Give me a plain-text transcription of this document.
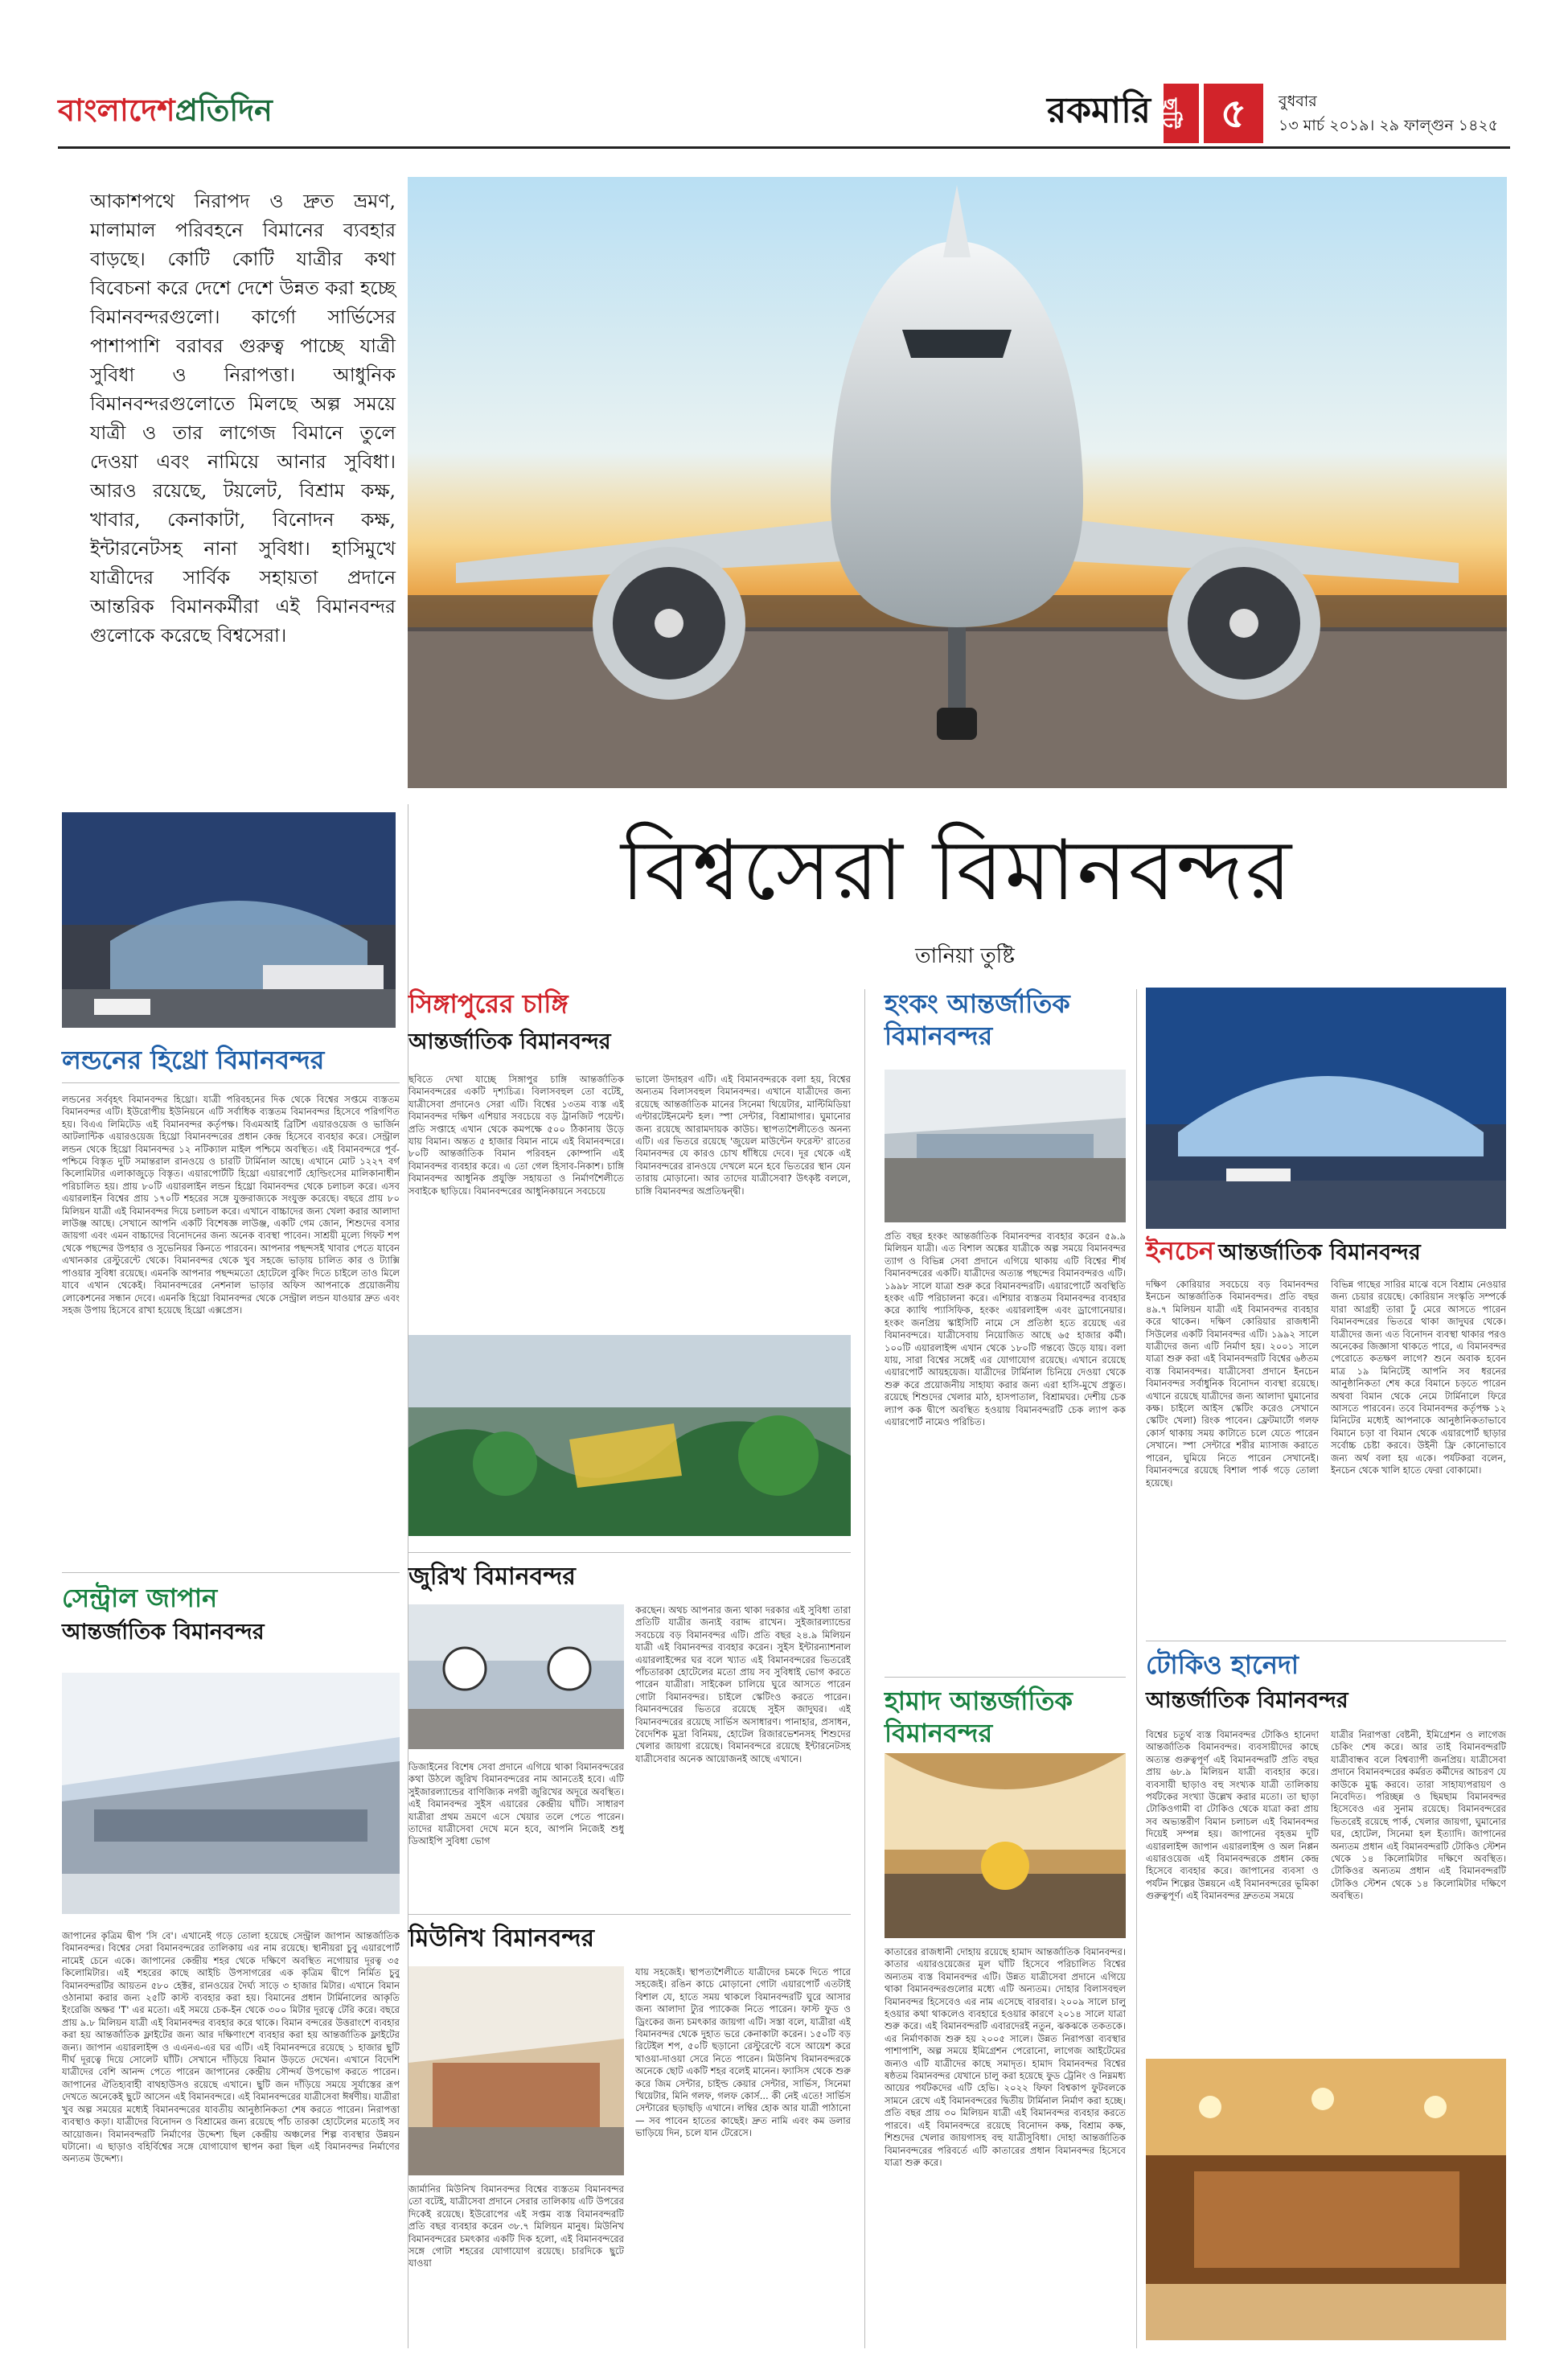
বাংলাদেশপ্রতিদিন	রকমারি ছুটি ৫	বুধবার
১৩ মার্চ ২০১৯। ২৯ ফাল্গুন ১৪২৫
আকাশপথে নিরাপদ ও দ্রুত ভ্রমণ, মালামাল পরিবহনে বিমানের ব্যবহার বাড়ছে। কোটি কোটি যাত্রীর কথা বিবেচনা করে দেশে দেশে উন্নত করা হচ্ছে বিমানবন্দরগুলো। কার্গো সার্ভিসের পাশাপাশি বরাবর গুরুত্ব পাচ্ছে যাত্রী সুবিধা ও নিরাপত্তা। আধুনিক বিমানবন্দরগুলোতে মিলছে অল্প সময়ে যাত্রী ও তার লাগেজ বিমানে তুলে দেওয়া এবং নামিয়ে আনার সুবিধা। আরও রয়েছে, টয়লেট, বিশ্রাম কক্ষ, খাবার, কেনাকাটা, বিনোদন কক্ষ, ইন্টারনেটসহ নানা সুবিধা। হাসিমুখে যাত্রীদের সার্বিক সহায়তা প্রদানে আন্তরিক বিমানকর্মীরা এই বিমানবন্দর গুলোকে করেছে বিশ্বসেরা।
বিশ্বসেরা বিমানবন্দর
তানিয়া তুষ্টি
লন্ডনের হিথ্রো বিমানবন্দর
লন্ডনের সর্ববৃহৎ বিমানবন্দর হিথ্রো। যাত্রী পরিবহনের দিক থেকে বিশ্বের সপ্তমে ব্যস্ততম বিমানবন্দর এটি। ইউরোপীয় ইউনিয়নে এটি সর্বাধিক ব্যস্ততম বিমানবন্দর হিসেবে পরিগণিত হয়। বিএএ লিমিটেড এই বিমানবন্দর কর্তৃপক্ষ। বিএমআই ব্রিটিশ এয়ারওয়েজ ও ভার্জিন আটলান্টিক এয়ারওয়েজ হিথ্রো বিমানবন্দরের প্রধান কেন্দ্র হিসেবে ব্যবহার করে। সেন্ট্রাল লন্ডন থেকে হিথ্রো বিমানবন্দর ১২ নটিক্যাল মাইল পশ্চিমে অবস্থিত। এই বিমানবন্দরে পূর্ব-পশ্চিমে বিস্তৃত দুটি সমান্তরাল রানওয়ে ও চারটি টার্মিনাল আছে। এখানে মোট ১২২৭ বর্গ কিলোমিটার এলাকাজুড়ে বিস্তৃত। এয়ারপোর্টটি হিথ্রো এয়ারপোর্ট হোল্ডিংসের মালিকানাধীন পরিচালিত হয়। প্রায় ৮০টি এয়ারলাইন লন্ডন হিথ্রো বিমানবন্দর থেকে চলাচল করে। এসব এয়ারলাইন বিশ্বের প্রায় ১৭০টি শহরের সঙ্গে যুক্তরাজ্যকে সংযুক্ত করেছে। বছরে প্রায় ৮০ মিলিয়ন যাত্রী এই বিমানবন্দর দিয়ে চলাচল করে। এখানে বাচ্চাদের জন্য খেলা করার আলাদা লাউঞ্জ আছে। সেখানে আপনি একটি বিশেষজ্ঞ লাউঞ্জ, একটি গেম জোন, শিশুদের বসার জায়গা এবং এমন বাচ্চাদের বিনোদনের জন্য অনেক ব্যবস্থা পাবেন। সাশ্রয়ী মূল্যে গিফট শপ থেকে পছন্দের উপহার ও সুভেনিয়র কিনতে পারবেন। আপনার পছন্দসই খাবার পেতে যাবেন এখানকার রেস্টুরেন্টে থেকে। বিমানবন্দর থেকে খুব সহজে ভাড়ায় চালিত কার ও ট্যাক্সি পাওয়ার সুবিধা রয়েছে। এমনকি আপনার পছন্দমতো হোটেলে বুকিং দিতে চাইলে তাও মিলে যাবে এখান থেকেই। বিমানবন্দরের নেশনাল ভাড়ার অফিস আপনাকে প্রয়োজনীয় লোকেশনের সন্ধান দেবে। এমনকি হিথ্রো বিমানবন্দর থেকে সেন্ট্রাল লন্ডন যাওয়ার দ্রুত এবং সহজ উপায় হিসেবে রাখা হয়েছে হিথ্রো এক্সপ্রেস।
সেন্ট্রাল জাপান
আন্তর্জাতিক বিমানবন্দর
জাপানের কৃত্রিম দ্বীপ 'সি বে'। এখানেই গড়ে তোলা হয়েছে সেন্ট্রাল জাপান আন্তর্জাতিক বিমানবন্দর। বিশ্বের সেরা বিমানবন্দরের তালিকায় এর নাম রয়েছে। স্থানীয়রা চুবু এয়ারপোর্ট নামেই চেনে একে। জাপানের কেন্দ্রীয় শহর থেকে দক্ষিণে অবস্থিত নগোয়ার দূরত্ব ৩৫ কিলোমিটার। এই শহরের কাছে আইচি উপসাগরের এক কৃত্রিম দ্বীপে নির্মিত চুবু বিমানবন্দরটির আয়তন ৫৮০ হেক্টর, রানওয়ের দৈর্ঘ্য সাড়ে ৩ হাজার মিটার। এখানে বিমান ওঠানামা করার জন্য ২৫টি কাস্ট ব্যবহার করা হয়। বিমানের প্রধান টার্মিনালের আকৃতি ইংরেজি অক্ষর 'T' এর মতো। এই সময়ে চেক-ইন থেকে ৩০০ মিটার দূরত্বে টেরি করে। বছরে প্রায় ৯.৮ মিলিয়ন যাত্রী এই বিমানবন্দর ব্যবহার করে থাকে। বিমান বন্দরের উত্তরাংশে ব্যবহার করা হয় আন্তর্জাতিক ফ্লাইটের জন্য আর দক্ষিণাংশে ব্যবহার করা হয় আন্তর্জাতিক ফ্লাইটের জন্য। জাপান এয়ারলাইন্স ও এএনএ-এর ঘর এটি। এই বিমানবন্দরে রয়েছে ১ হাজার ছুটি দীর্ঘ দূরত্বে দিয়ে সোলেট ঘাঁটি। সেখানে দাঁড়িয়ে বিমান উড়তে দেখেন। এখানে বিদেশি যাত্রীদের বেশি আনন্দ পেতে পারেন জাপানের কেন্দ্রীয় সৌন্দর্য উপভোগ করতে পারেন। জাপানের ঐতিহ্যবাহী বাথহাউসও রয়েছে এখানে। ছুটি জন দাঁড়িয়ে সময়ে সূর্যাস্তের রূপ দেখতে অনেকেই ছুটে আসেন এই বিমানবন্দরে। এই বিমানবন্দরের যাত্রীসেবা ঈর্ষণীয়। যাত্রীরা খুব অল্প সময়ের মধ্যেই বিমানবন্দরের যাবতীয় আনুষ্ঠানিকতা শেষ করতে পারেন। নিরাপত্তা ব্যবস্থাও কড়া। যাত্রীদের বিনোদন ও বিশ্রামের জন্য রয়েছে পাঁচ তারকা হোটেলের মতোই সব আয়োজন। বিমানবন্দরটি নির্মাণের উদ্দেশ্য ছিল কেন্দ্রীয় অঞ্চলের শিল্প ব্যবস্থার উন্নয়ন ঘটানো। এ ছাড়াও বহির্বিশ্বের সঙ্গে যোগাযোগ স্থাপন করা ছিল এই বিমানবন্দর নির্মাণের অন্যতম উদ্দেশ্য।
সিঙ্গাপুরের চাঙ্গি
আন্তর্জাতিক বিমানবন্দর
ছবিতে দেখা যাচ্ছে সিঙ্গাপুর চাঙ্গি আন্তর্জাতিক বিমানবন্দরের একটি দৃশ্যচিত্র। বিলাসবহুল তো বটেই, যাত্রীসেবা প্রদানেও সেরা এটি। বিশ্বের ১৩তম ব্যস্ত এই বিমানবন্দর দক্ষিণ এশিয়ার সবচেয়ে বড় ট্রানজিট পয়েন্ট। প্রতি সপ্তাহে এখান থেকে কমপক্ষে ৫০০ ঠিকানায় উড়ে যায় বিমান। অন্তত ৫ হাজার বিমান নামে এই বিমানবন্দরে। ৮০টি আন্তর্জাতিক বিমান পরিবহন কোম্পানি এই বিমানবন্দর ব্যবহার করে। এ তো গেল হিসাব-নিকাশ। চাঙ্গি বিমানবন্দর আধুনিক প্রযুক্তি সহায়তা ও নির্মাণশৈলীতে সবাইকে ছাড়িয়ে। বিমানবন্দরের আধুনিকায়নে সবচেয়ে
ভালো উদাহরণ এটি। এই বিমানবন্দরকে বলা হয়, বিশ্বের অন্যতম বিলাসবহুল বিমানবন্দর। এখানে যাত্রীদের জন্য রয়েছে আন্তর্জাতিক মানের সিনেমা থিয়েটার, মাল্টিমিডিয়া এন্টারটেইনমেন্ট হল। স্পা সেন্টার, বিশ্রামাগার। ঘুমানোর জন্য রয়েছে আরামদায়ক কাউচ। স্থাপত্যশৈলীতেও অনন্য এটি। এর ভিতরে রয়েছে 'জুয়েল মাউন্টেন ফরেস্ট' রাতের বিমানবন্দর যে কারও চোখ ধাঁধিয়ে দেবে। দূর থেকে এই বিমানবন্দরের রানওয়ে দেখলে মনে হবে ভিতরের স্থান যেন তারায় মোড়ানো। আর তাদের যাত্রীসেবা? উৎকৃষ্ট বললে, চাঙ্গি বিমানবন্দর অপ্রতিদ্বন্দ্বী।
জুরিখ বিমানবন্দর
ডিজাইনের বিশেষ সেবা প্রদানে এগিয়ে থাকা বিমানবন্দরের কথা উঠলে জুরিখ বিমানবন্দরের নাম আনতেই হবে। এটি সুইজারল্যান্ডের বাণিজ্যিক নগরী জুরিখের অদূরে অবস্থিত। এই বিমানবন্দর সুইস এয়ারের কেন্দ্রীয় ঘাঁটি। সাধারণ যাত্রীরা প্রথম ভ্রমণে এসে খেয়ার তলে পেতে পারেন। তাদের যাত্রীসেবা দেখে মনে হবে, আপনি নিজেই শুধু ডিআইপি সুবিধা ভোগ
করছেন। অথচ আপনার জন্য থাকা দরকার এই সুবিধা তারা প্রতিটি যাত্রীর জন্যই বরাদ্দ রাখেন। সুইজারল্যান্ডের সবচেয়ে বড় বিমানবন্দর এটি। প্রতি বছর ২৪.৯ মিলিয়ন যাত্রী এই বিমানবন্দর ব্যবহার করেন। সুইস ইন্টারন্যাশনাল এয়ারলাইন্সের ঘর বলে খ্যাত এই বিমানবন্দরের ভিতরেই পাঁচতারকা হোটেলের মতো প্রায় সব সুবিধাই ভোগ করতে পারেন যাত্রীরা। সাইকেল চালিয়ে ঘুরে আসতে পারেন গোটা বিমানবন্দর। চাইলে স্কেটিংও করতে পারেন। বিমানবন্দরের ভিতরে রয়েছে সুইস জাদুঘর। এই বিমানবন্দরের রয়েছে সার্ভিস অসাধারণ। পানাহার, প্রসাধন, বৈদেশিক মুদ্রা বিনিময়, হোটেল রিজারভেশনসহ শিশুদের খেলার জায়গা রয়েছে। বিমানবন্দরে রয়েছে ইন্টারনেটসহ যাত্রীসেবার অনেক আয়োজনই আছে এখানে।
মিউনিখ বিমানবন্দর
জার্মানির মিউনিখ বিমানবন্দর বিশ্বের ব্যস্ততম বিমানবন্দর তো বটেই, যাত্রীসেবা প্রদানে সেরার তালিকায় এটি উপরের দিকেই রয়েছে। ইউরোপের এই সপ্তম ব্যস্ত বিমানবন্দরটি প্রতি বছর ব্যবহার করেন ৩৮.৭ মিলিয়ন মানুষ। মিউনিখ বিমানবন্দরের চমৎকার একটি দিক হলো, এই বিমানবন্দরের সঙ্গে গোটা শহরের যোগাযোগ রয়েছে। চারদিকে ছুটে যাওয়া
যায় সহজেই। স্থাপত্যশৈলীতে যাত্রীদের চমকে দিতে পারে সহজেই। রঙিন কাচে মোড়ানো গোটা এয়ারপোর্ট এতটাই বিশাল যে, হাতে সময় থাকলে বিমানবন্দরটি ঘুরে আসার জন্য আলাদা ট্যুর প্যাকেজ নিতে পারেন। ফাস্ট ফুড ও ড্রিংকের জন্য চমৎকার জায়গা এটি। সস্তা বলে, যাত্রীরা এই বিমানবন্দর থেকে দুহাত ভরে কেনাকাটা করেন। ১৫০টি বড় রিটেইল শপ, ৫০টি ছড়ানো রেস্টুরেন্টে বসে আয়েশ করে খাওয়া-দাওয়া সেরে নিতে পারেন। মিউনিখ বিমানবন্দরকে অনেকে ছোট একটি শহর বলেই মানেন। ফ্যাসিস থেকে শুরু করে জিম সেন্টার, চাইল্ড কেয়ার সেন্টার, সার্ভিস, সিনেমা থিয়েটার, মিনি গলফ, গলফ কোর্স... কী নেই এতে! সার্ভিস সেন্টারের ছড়াছড়ি এখানে। লম্বির হোক আর যাত্রী পাঠানো— সব পাবেন হাতের কাছেই। দ্রুত নামি এবং কম ডলার ভাড়িয়ে দিন, চলে যান টেরেসে।
হংকং আন্তর্জাতিক বিমানবন্দর
প্রতি বছর হংকং আন্তর্জাতিক বিমানবন্দর ব্যবহার করেন ৫৯.৯ মিলিয়ন যাত্রী। এত বিশাল অঙ্কের যাত্রীকে অল্প সময়ে বিমানবন্দর ত্যাগ ও বিভিন্ন সেবা প্রদানে এগিয়ে থাকায় এটি বিশ্বের শীর্ষ বিমানবন্দরের একটি। যাত্রীদের অত্যন্ত পছন্দের বিমানবন্দরও এটি। ১৯৯৮ সালে যাত্রা শুরু করে বিমানবন্দরটি। এয়ারপোর্টে অবস্থিতি হংকং এটি পরিচালনা করে। এশিয়ার ব্যস্ততম বিমানবন্দর ব্যবহার করে ক্যাথি প্যাসিফিক, হংকং এয়ারলাইন্স এবং ড্রাগোনেয়ার। হংকং জনপ্রিয় স্কাইসিটি নামে সে প্রতিষ্ঠা হতে রয়েছে এর বিমানবন্দরে। যাত্রীসেবায় নিয়োজিত আছে ৬৫ হাজার কর্মী। ১০০টি এয়ারলাইন্স এখান থেকে ১৮০টি গন্তব্যে উড়ে যায়। বলা যায়, সারা বিশ্বের সঙ্গেই এর যোগাযোগ রয়েছে। এখানে রয়েছে এয়ারপোর্ট আয়হয়েজ। যাত্রীদের টার্মিনাল চিনিয়ে দেওয়া থেকে শুরু করে প্রয়োজনীয় সাহায্য করার জন্য এরা হাসি-মুখে প্রস্তুত। রয়েছে শিশুদের খেলার মাঠ, হাসপাতাল, বিশ্রামঘর। দেশীয় চেক ল্যাপ কক দ্বীপে অবস্থিত হওয়ায় বিমানবন্দরটি চেক ল্যাপ কক এয়ারপোর্ট নামেও পরিচিত।
হামাদ আন্তর্জাতিক বিমানবন্দর
কাতারের রাজধানী দোহায় রয়েছে হামাদ আন্তর্জাতিক বিমানবন্দর। কাতার এয়ারওয়েজের মূল ঘাঁটি হিসেবে পরিচালিত বিশ্বের অন্যতম ব্যস্ত বিমানবন্দর এটি। উন্নত যাত্রীসেবা প্রদানে এগিয়ে থাকা বিমানবন্দরগুলোর মধ্যে এটি অন্যতম। দোহার বিলাসবহুল বিমানবন্দর হিসেবেও এর নাম এসেছে বারবার। ২০০৯ সালে চালু হওয়ার কথা থাকলেও ব্যবহারে হওয়ার কারণে ২০১৪ সালে যাত্রা শুরু করে। এই বিমানবন্দরটি এবারদেরই নতুন, ঝকঝকে তকতকে। এর নির্মাণকাজ শুরু হয় ২০০৫ সালে। উন্নত নিরাপত্তা ব্যবস্থার পাশাপাশি, অল্প সময়ে ইমিগ্রেশন পেরোনো, লাগেজ আইটেমের জন্যও এটি যাত্রীদের কাছে সমাদৃত। হামাদ বিমানবন্দর বিশ্বের ষষ্ঠতম বিমানবন্দর যেখানে চালু করা হয়েছে ফুড ট্রেনিং ও নিম্নমধ্য আয়ের পর্যটকদের এটি হেভি। ২০২২ ফিফা বিশ্বকাপ ফুটবলকে সামনে রেখে এই বিমানবন্দরের দ্বিতীয় টার্মিনাল নির্মাণ করা হচ্ছে। প্রতি বছর প্রায় ৩০ মিলিয়ন যাত্রী এই বিমানবন্দর ব্যবহার করতে পারবে। এই বিমানবন্দরে রয়েছে বিনোদন কক্ষ, বিশ্রাম কক্ষ, শিশুদের খেলার জায়গাসহ বহু যাত্রীসুবিধা। দোহা আন্তর্জাতিক বিমানবন্দরের পরিবর্তে এটি কাতারের প্রধান বিমানবন্দর হিসেবে যাত্রা শুরু করে।
ইনচেন আন্তর্জাতিক বিমানবন্দর
দক্ষিণ কোরিয়ার সবচেয়ে বড় বিমানবন্দর ইনচেন আন্তর্জাতিক বিমানবন্দর। প্রতি বছর ৪৯.৭ মিলিয়ন যাত্রী এই বিমানবন্দর ব্যবহার করে থাকেন। দক্ষিণ কোরিয়ার রাজধানী সিউলের একটি বিমানবন্দর এটি। ১৯৯২ সালে যাত্রীদের জন্য এটি নির্মাণ হয়। ২০০১ সালে যাত্রা শুরু করা এই বিমানবন্দরটি বিশ্বের ৬ষ্ঠতম ব্যস্ত বিমানবন্দর। যাত্রীসেবা প্রদানে ইনচেন বিমানবন্দর সর্বাধুনিক বিনোদন ব্যবস্থা রয়েছে। এখানে রয়েছে যাত্রীদের জন্য আলাদা ঘুমানোর কক্ষ। চাইলে আইস স্কেটিং করেও সেখানে স্কেটিং খেলা) রিংক পাবেন। ফ্রেটমার্টো গলফ কোর্স থাকায় সময় কাটাতে চলে যেতে পারেন সেখানে। স্পা সেন্টারে শরীর ম্যাসাজ করাতে পারেন, ঘুমিয়ে নিতে পারেন সেখানেই। বিমানবন্দরে রয়েছে বিশাল পার্ক গড়ে তোলা হয়েছে।
বিভিন্ন গাছের সারির মাঝে বসে বিশ্রাম নেওয়ার জন্য চেয়ার রয়েছে। কোরিয়ান সংস্কৃতি সম্পর্কে যারা আগ্রহী তারা ঢুঁ মেরে আসতে পারেন বিমানবন্দরের ভিতরে থাকা জাদুঘর থেকে। যাত্রীদের জন্য এত বিনোদন ব্যবস্থা থাকার পরও অনেকের জিজ্ঞাসা থাকতে পারে, এ বিমানবন্দর পেরোতে কতক্ষণ লাগে? শুনে অবাক হবেন মাত্র ১৯ মিনিটেই আপনি সব ধরনের আনুষ্ঠানিকতা শেষ করে বিমানে চড়তে পারেন অথবা বিমান থেকে নেমে টার্মিনালে ফিরে আসতে পারবেন। তবে বিমানবন্দর কর্তৃপক্ষ ১২ মিনিটের মধ্যেই আপনাকে আনুষ্ঠানিকতাভাবে বিমানে চড়া বা বিমান থেকে এয়ারপোর্ট ছাড়ার সর্বোচ্চ চেষ্টা করবে। উইনী ফ্রি কোনোভাবে জন্য অর্থ বলা হয় একে। পর্যটকরা বলেন, ইনচেন থেকে খালি হাতে ফেরা বোকামো।
টোকিও হানেদা
আন্তর্জাতিক বিমানবন্দর
বিশ্বের চতুর্থ ব্যস্ত বিমানবন্দর টোকিও হানেদা আন্তর্জাতিক বিমানবন্দর। ব্যবসায়ীদের কাছে অত্যন্ত গুরুত্বপূর্ণ এই বিমানবন্দরটি প্রতি বছর প্রায় ৬৮.৯ মিলিয়ন যাত্রী ব্যবহার করে। ব্যবসায়ী ছাড়াও বহু সংখ্যক যাত্রী তালিকায় পর্যটকের সংখ্যা উল্লেখ করার মতো। তা ছাড়া টোকিওগামী বা টোকিও থেকে যাত্রা করা প্রায় সব অভ্যন্তরীণ বিমান চলাচল এই বিমানবন্দর দিয়েই সম্পন্ন হয়। জাপানের বৃহত্তম দুটি এয়ারলাইন্স জাপান এয়ারলাইন্স ও অল নিপ্পন এয়ারওয়েজ এই বিমানবন্দরকে প্রধান কেন্দ্র হিসেবে ব্যবহার করে। জাপানের ব্যবসা ও পর্যটন শিল্পের উন্নয়নে এই বিমানবন্দরের ভূমিকা গুরুত্বপূর্ণ। এই বিমানবন্দর দ্রুততম সময়ে
যাত্রীর নিরাপত্তা বেষ্টনী, ইমিগ্রেশন ও লাগেজ চেকিং শেষ করে। আর তাই বিমানবন্দরটি যাত্রীবান্ধব বলে বিশ্বব্যাপী জনপ্রিয়। যাত্রীসেবা প্রদানে বিমানবন্দরের কর্মরত কর্মীদের আচরণ যে কাউকে মুগ্ধ করবে। তারা সাহায্যপরায়ণ ও নিবেদিত। পরিচ্ছন্ন ও ছিমছাম বিমানবন্দর হিসেবেও এর সুনাম রয়েছে। বিমানবন্দরের ভিতরেই রয়েছে পার্ক, খেলার জায়গা, ঘুমানোর ঘর, হোটেল, সিনেমা হল ইত্যাদি। জাপানের অন্যতম প্রধান এই বিমানবন্দরটি টোকিও স্টেশন থেকে ১৪ কিলোমিটার দক্ষিণে অবস্থিত। টোকিওর অন্যতম প্রধান এই বিমানবন্দরটি টোকিও স্টেশন থেকে ১৪ কিলোমিটার দক্ষিণে অবস্থিত।
